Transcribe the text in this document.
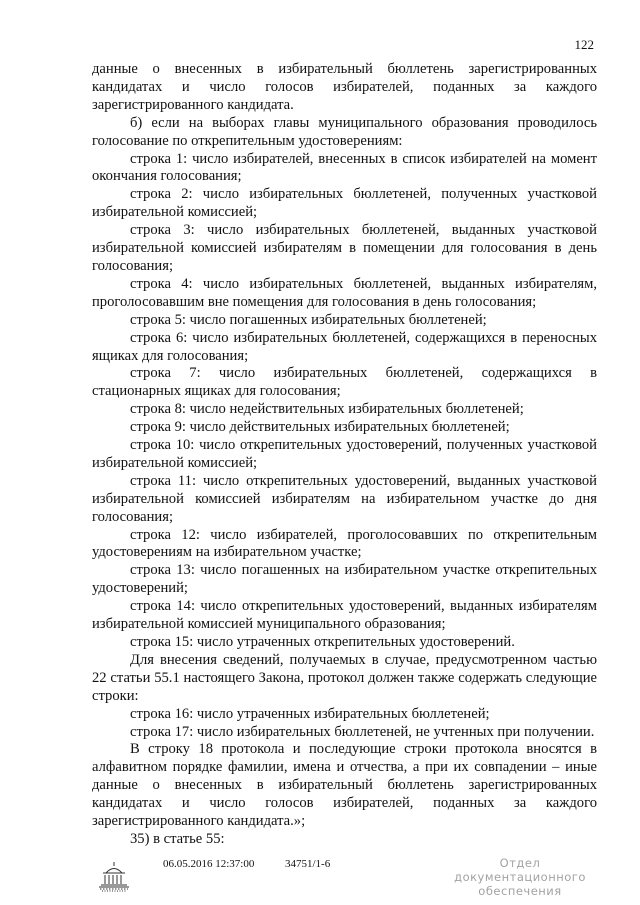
122

данные о внесенных в избирательный бюллетень зарегистрированных кандидатах и число голосов избирателей, поданных за каждого зарегистрированного кандидата.

б) если на выборах главы муниципального образования проводилось голосование по открепительным удостоверениям:

строка 1: число избирателей, внесенных в список избирателей на момент окончания голосования;

строка 2: число избирательных бюллетеней, полученных участковой избирательной комиссией;

строка 3: число избирательных бюллетеней, выданных участковой избирательной комиссией избирателям в помещении для голосования в день голосования;

строка 4: число избирательных бюллетеней, выданных избирателям, проголосовавшим вне помещения для голосования в день голосования;

строка 5: число погашенных избирательных бюллетеней;

строка 6: число избирательных бюллетеней, содержащихся в переносных ящиках для голосования;

строка 7: число избирательных бюллетеней, содержащихся в стационарных ящиках для голосования;

строка 8: число недействительных избирательных бюллетеней;

строка 9: число действительных избирательных бюллетеней;

строка 10: число открепительных удостоверений, полученных участковой избирательной комиссией;

строка 11: число открепительных удостоверений, выданных участковой избирательной комиссией избирателям на избирательном участке до дня голосования;

строка 12: число избирателей, проголосовавших по открепительным удостоверениям на избирательном участке;

строка 13: число погашенных на избирательном участке открепительных удостоверений;

строка 14: число открепительных удостоверений, выданных избирателям избирательной комиссией муниципального образования;

строка 15: число утраченных открепительных удостоверений.

Для внесения сведений, получаемых в случае, предусмотренном частью 22 статьи 55.1 настоящего Закона, протокол должен также содержать следующие строки:

строка 16: число утраченных избирательных бюллетеней;

строка 17: число избирательных бюллетеней, не учтенных при получении.

В строку 18 протокола и последующие строки протокола вносятся в алфавитном порядке фамилии, имена и отчества, а при их совпадении – иные данные о внесенных в избирательный бюллетень зарегистрированных кандидатах и число голосов избирателей, поданных за каждого зарегистрированного кандидата.»;

35) в статье 55:

06.05.2016 12:37:00	34751/1-6	Отдел документационного
обеспечения
